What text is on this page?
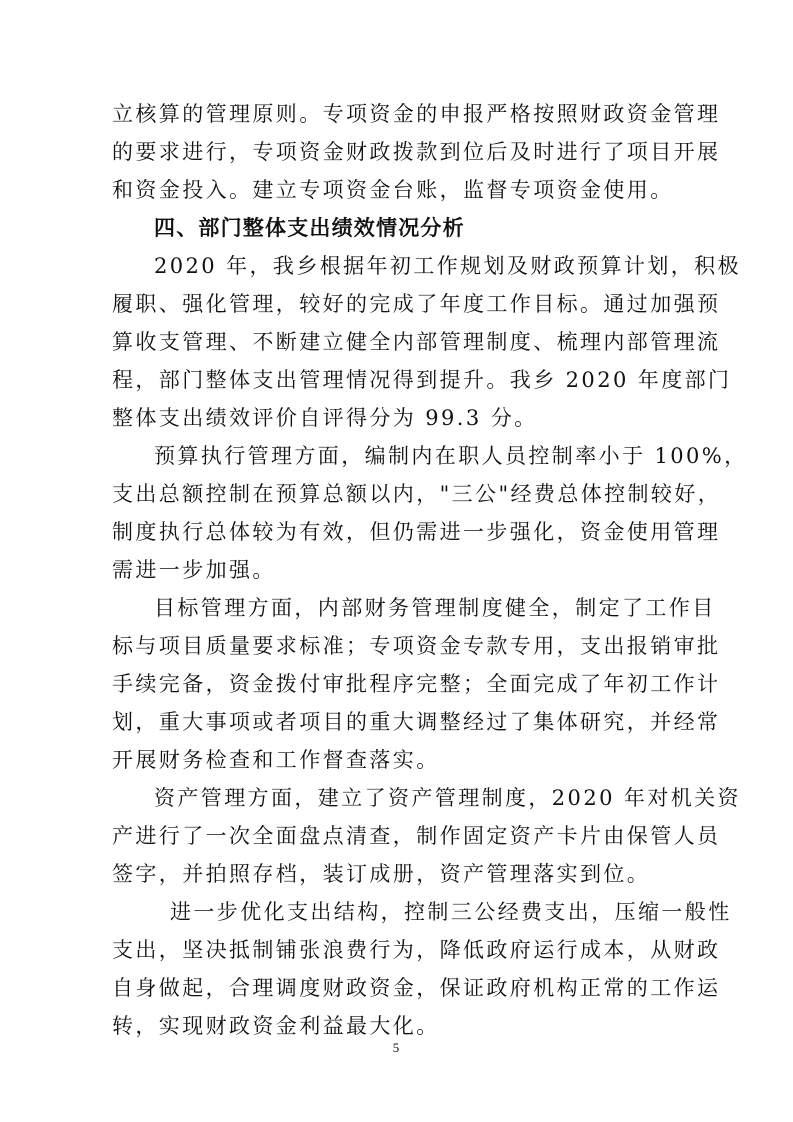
立核算的管理原则。专项资金的申报严格按照财政资金管理
的要求进行，专项资金财政拨款到位后及时进行了项目开展
和资金投入。建立专项资金台账，监督专项资金使用。
四、部门整体支出绩效情况分析
2020 年，我乡根据年初工作规划及财政预算计划，积极
履职、强化管理，较好的完成了年度工作目标。通过加强预
算收支管理、不断建立健全内部管理制度、梳理内部管理流
程，部门整体支出管理情况得到提升。我乡 2020 年度部门
整体支出绩效评价自评得分为 99.3 分。
预算执行管理方面，编制内在职人员控制率小于 100%，
支出总额控制在预算总额以内，"三公"经费总体控制较好，
制度执行总体较为有效，但仍需进一步强化，资金使用管理
需进一步加强。
目标管理方面，内部财务管理制度健全，制定了工作目
标与项目质量要求标准；专项资金专款专用，支出报销审批
手续完备，资金拨付审批程序完整；全面完成了年初工作计
划，重大事项或者项目的重大调整经过了集体研究，并经常
开展财务检查和工作督查落实。
资产管理方面，建立了资产管理制度，2020 年对机关资
产进行了一次全面盘点清查，制作固定资产卡片由保管人员
签字，并拍照存档，装订成册，资产管理落实到位。
进一步优化支出结构，控制三公经费支出，压缩一般性
支出，坚决抵制铺张浪费行为，降低政府运行成本，从财政
自身做起，合理调度财政资金，保证政府机构正常的工作运
转，实现财政资金利益最大化。
5
